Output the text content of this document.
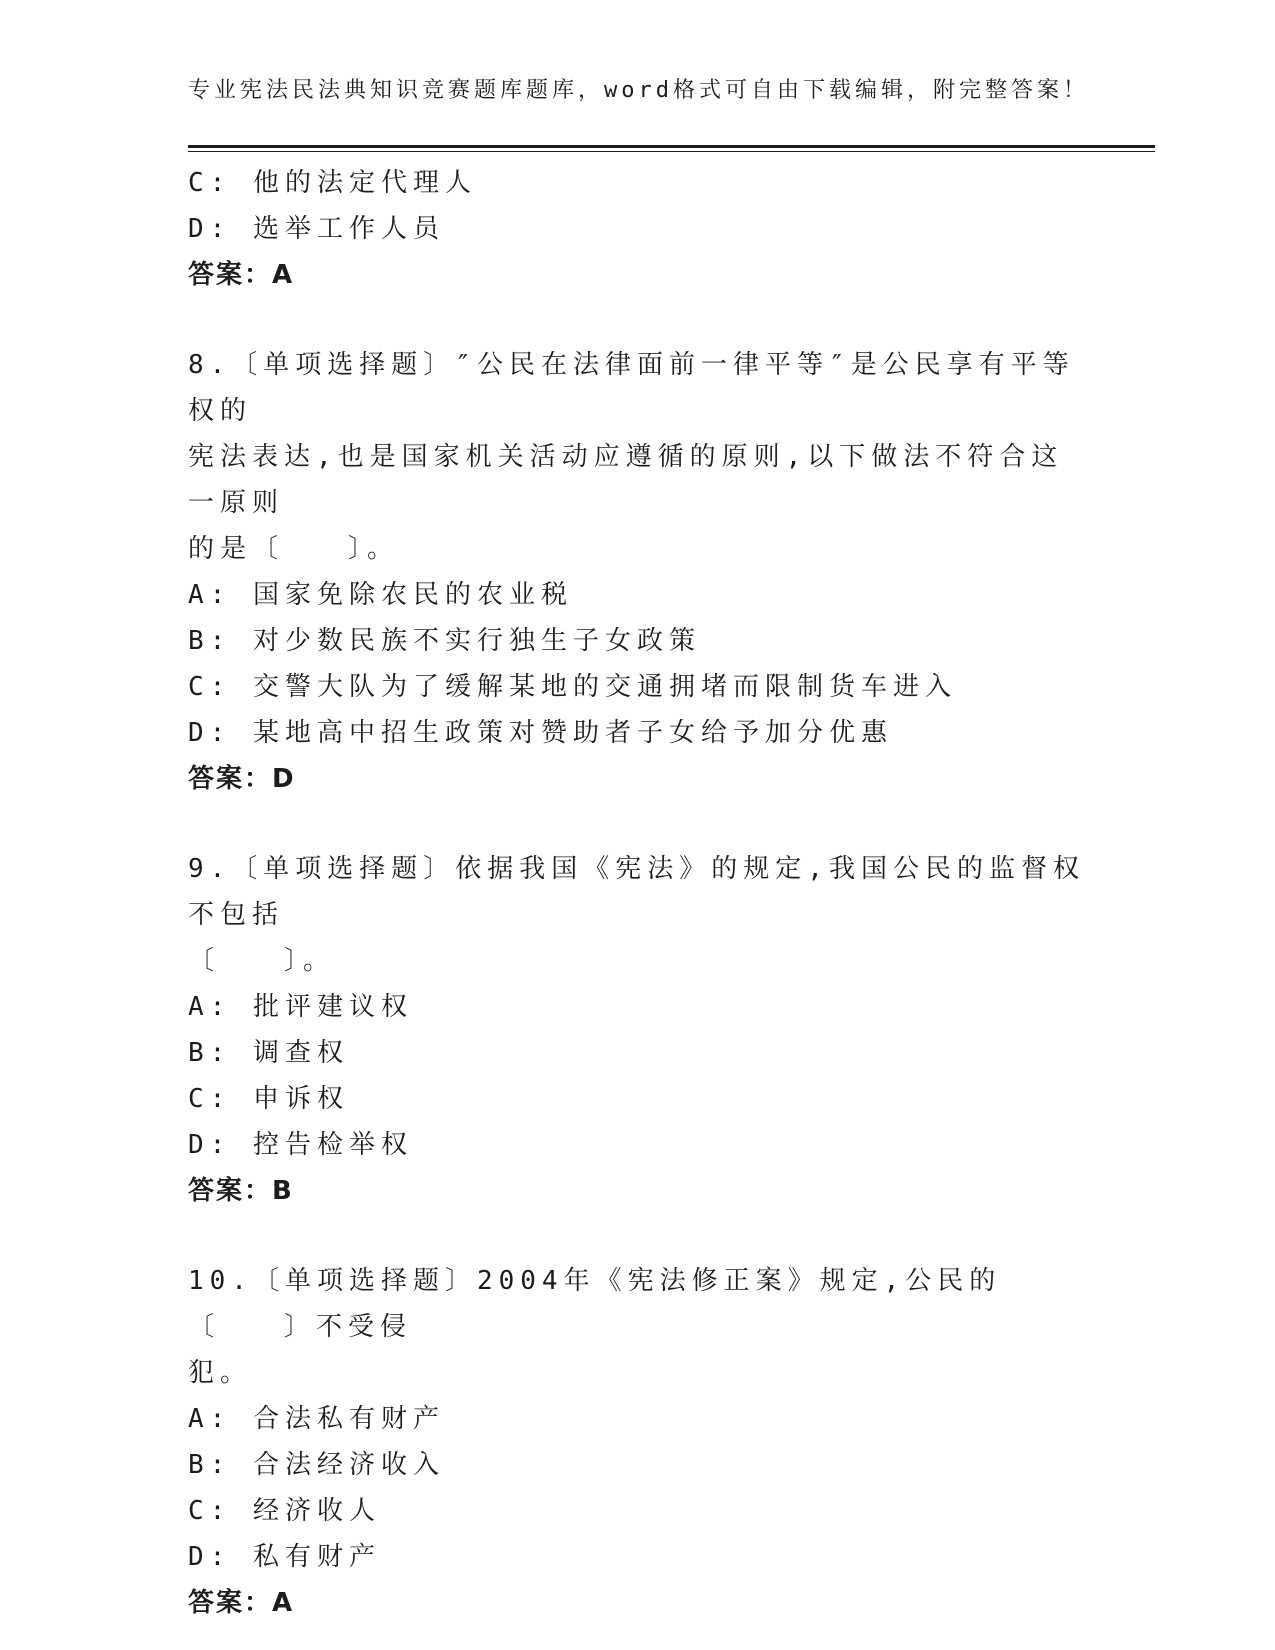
专业宪法民法典知识竞赛题库题库，word格式可自由下载编辑，附完整答案！
C: 他的法定代理人
D: 选举工作人员
答案：A
8.〔单项选择题〕″公民在法律面前一律平等″是公民享有平等权的
宪法表达,也是国家机关活动应遵循的原则,以下做法不符合这一原则
的是〔　　〕。
A: 国家免除农民的农业税
B: 对少数民族不实行独生子女政策
C: 交警大队为了缓解某地的交通拥堵而限制货车进入
D: 某地高中招生政策对赞助者子女给予加分优惠
答案：D
9.〔单项选择题〕依据我国《宪法》的规定,我国公民的监督权不包括
〔　　〕。
A: 批评建议权
B: 调查权
C: 申诉权
D: 控告检举权
答案：B
10.〔单项选择题〕2004年《宪法修正案》规定,公民的〔　　〕不受侵
犯。
A: 合法私有财产
B: 合法经济收入
C: 经济收人
D: 私有财产
答案：A
